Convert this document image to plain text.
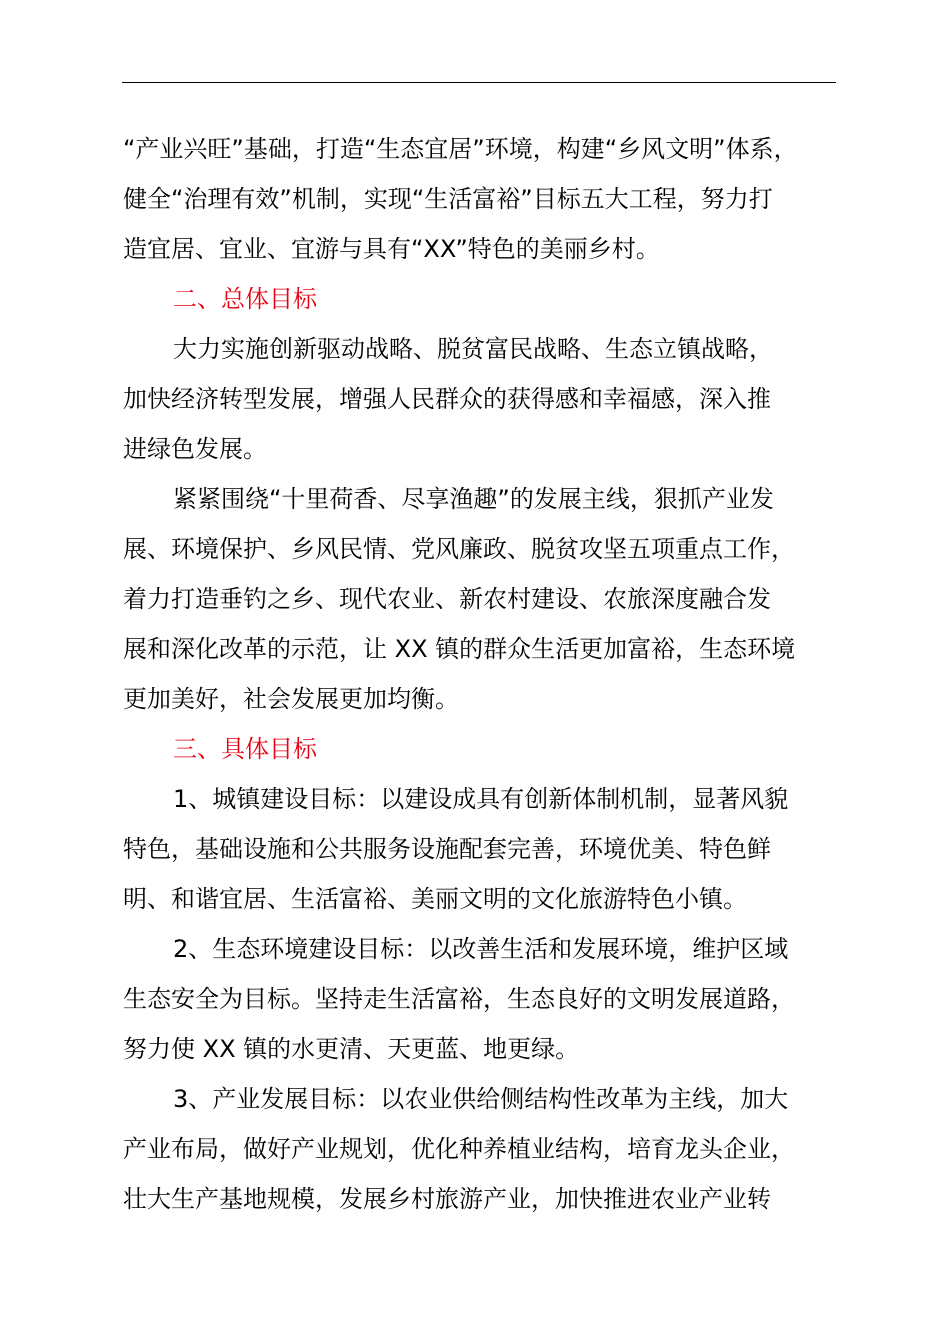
“产业兴旺”基础，打造“生态宜居”环境，构建“乡风文明”体系，
健全“治理有效”机制，实现“生活富裕”目标五大工程，努力打
造宜居、宜业、宜游与具有“XX”特色的美丽乡村。
二、总体目标
大力实施创新驱动战略、脱贫富民战略、生态立镇战略，
加快经济转型发展，增强人民群众的获得感和幸福感，深入推
进绿色发展。
紧紧围绕“十里荷香、尽享渔趣”的发展主线，狠抓产业发
展、环境保护、乡风民情、党风廉政、脱贫攻坚五项重点工作，
着力打造垂钓之乡、现代农业、新农村建设、农旅深度融合发
展和深化改革的示范，让 XX 镇的群众生活更加富裕，生态环境
更加美好，社会发展更加均衡。
三、具体目标
1、城镇建设目标：以建设成具有创新体制机制，显著风貌
特色，基础设施和公共服务设施配套完善，环境优美、特色鲜
明、和谐宜居、生活富裕、美丽文明的文化旅游特色小镇。
2、生态环境建设目标：以改善生活和发展环境，维护区域
生态安全为目标。坚持走生活富裕，生态良好的文明发展道路，
努力使 XX 镇的水更清、天更蓝、地更绿。
3、产业发展目标：以农业供给侧结构性改革为主线，加大
产业布局，做好产业规划，优化种养植业结构，培育龙头企业，
壮大生产基地规模，发展乡村旅游产业，加快推进农业产业转
